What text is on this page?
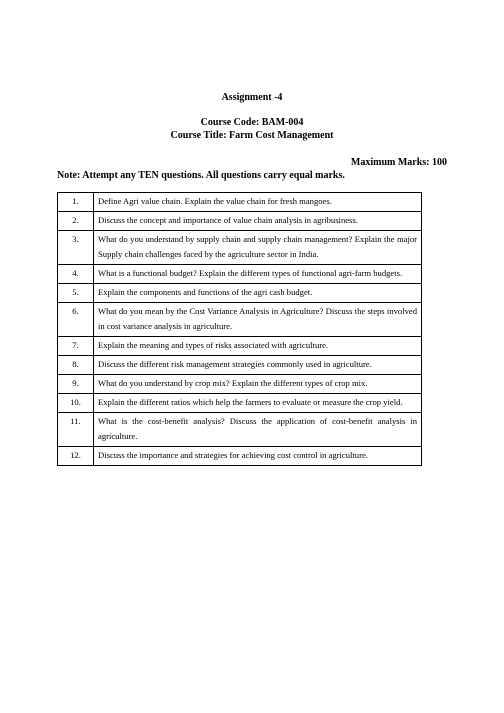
Assignment -4
Course Code: BAM-004
Course Title: Farm Cost Management
Maximum Marks: 100
Note: Attempt any TEN questions. All questions carry equal marks.
1.	Define Agri value chain. Explain the value chain for fresh mangoes.
2.	Discuss the concept and importance of value chain analysis in agribusiness.
3.	What do you understand by supply chain and supply chain management? Explain the major Supply chain challenges faced by the agriculture sector in India.
4.	What is a functional budget? Explain the different types of functional agri-farm budgets.
5.	Explain the components and functions of the agri cash budget.
6.	What do you mean by the Cost Variance Analysis in Agriculture? Discuss the steps involved in cost variance analysis in agriculture.
7.	Explain the meaning and types of risks associated with agriculture.
8.	Discuss the different risk management strategies commonly used in agriculture.
9.	What do you understand by crop mix? Explain the different types of crop mix.
10.	Explain the different ratios which help the farmers to evaluate or measure the crop yield.
11.	What is the cost-benefit analysis? Discuss the application of cost-benefit analysis in agriculture.
12.	Discuss the importance and strategies for achieving cost control in agriculture.
